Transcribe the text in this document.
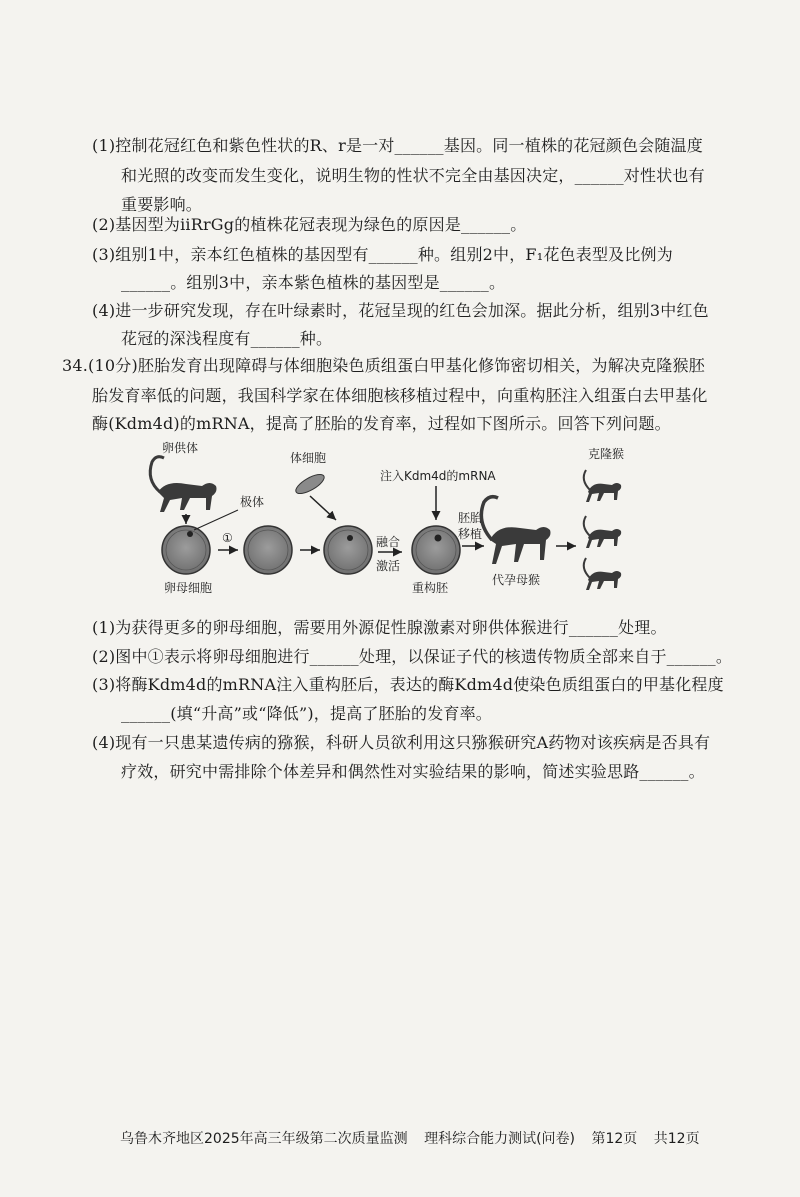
(1)控制花冠红色和紫色性状的R、r是一对______基因。同一植株的花冠颜色会随温度
和光照的改变而发生变化，说明生物的性状不完全由基因决定，______对性状也有
重要影响。
(2)基因型为iiRrGg的植株花冠表现为绿色的原因是______。
(3)组别1中，亲本红色植株的基因型有______种。组别2中，F₁花色表型及比例为
______。组别3中，亲本紫色植株的基因型是______。
(4)进一步研究发现，存在叶绿素时，花冠呈现的红色会加深。据此分析，组别3中红色
花冠的深浅程度有______种。
34.(10分)胚胎发育出现障碍与体细胞染色质组蛋白甲基化修饰密切相关，为解决克隆猴胚
胎发育率低的问题，我国科学家在体细胞核移植过程中，向重构胚注入组蛋白去甲基化
酶(Kdm4d)的mRNA，提高了胚胎的发育率，过程如下图所示。回答下列问题。
卵供体
极体
卵母细胞
①
体细胞
融合
激活
注入Kdm4d的mRNA
重构胚
胚胎
移植
代孕母猴
克隆猴
(1)为获得更多的卵母细胞，需要用外源促性腺激素对卵供体猴进行______处理。
(2)图中①表示将卵母细胞进行______处理，以保证子代的核遗传物质全部来自于______。
(3)将酶Kdm4d的mRNA注入重构胚后，表达的酶Kdm4d使染色质组蛋白的甲基化程度
______(填“升高”或“降低”)，提高了胚胎的发育率。
(4)现有一只患某遗传病的猕猴，科研人员欲利用这只猕猴研究A药物对该疾病是否具有
疗效，研究中需排除个体差异和偶然性对实验结果的影响，简述实验思路______。
乌鲁木齐地区2025年高三年级第二次质量监测 理科综合能力测试(问卷) 第12页 共12页
